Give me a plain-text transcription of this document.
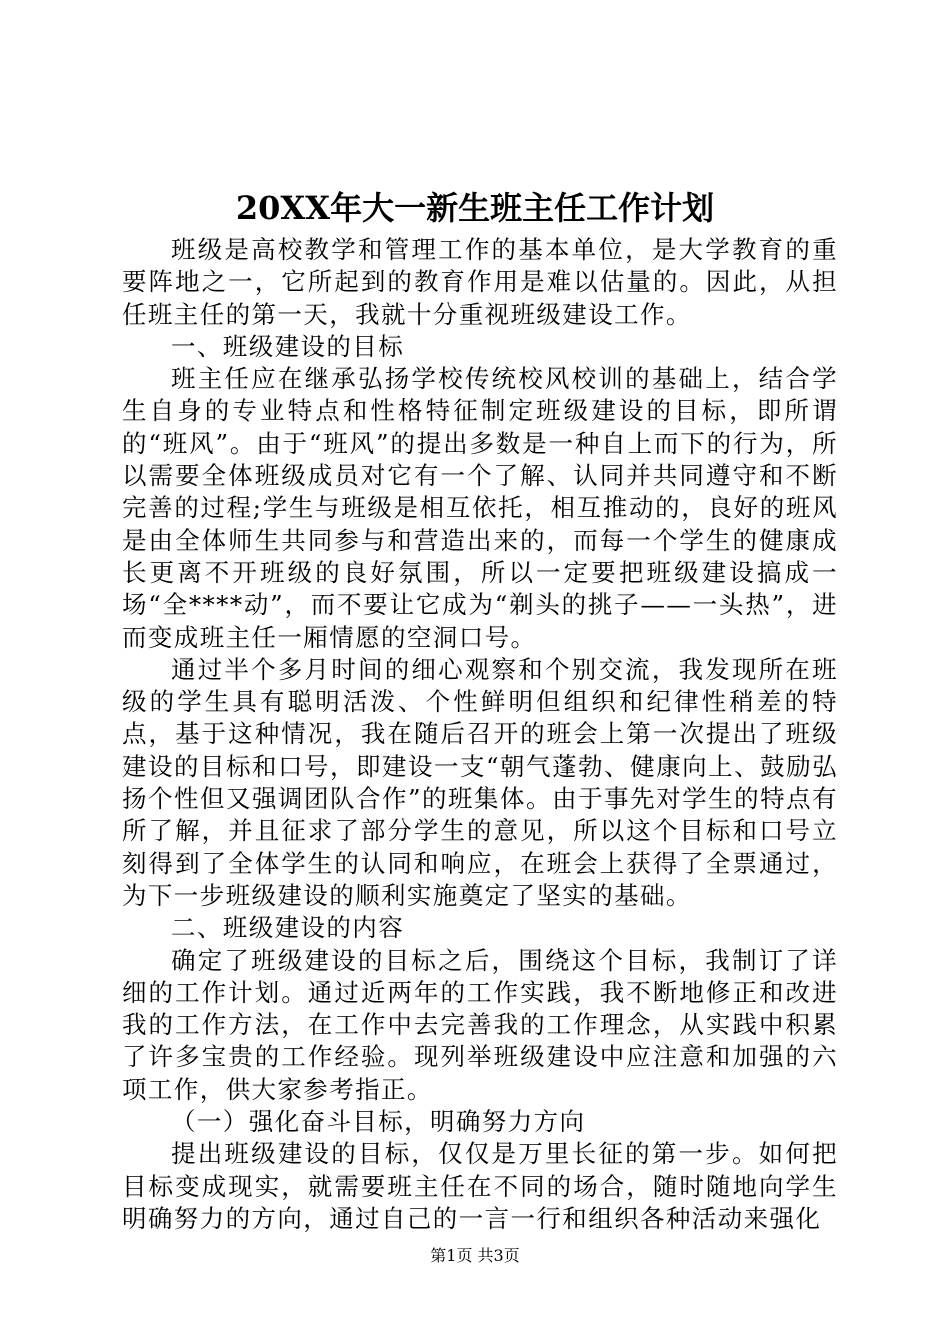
20XX年大一新生班主任工作计划

班级是高校教学和管理工作的基本单位，是大学教育的重要阵地之一，它所起到的教育作用是难以估量的。因此，从担任班主任的第一天，我就十分重视班级建设工作。

一、班级建设的目标

班主任应在继承弘扬学校传统校风校训的基础上，结合学生自身的专业特点和性格特征制定班级建设的目标，即所谓的“班风”。由于“班风”的提出多数是一种自上而下的行为，所以需要全体班级成员对它有一个了解、认同并共同遵守和不断完善的过程;学生与班级是相互依托，相互推动的，良好的班风是由全体师生共同参与和营造出来的，而每一个学生的健康成长更离不开班级的良好氛围，所以一定要把班级建设搞成一场“全****动”，而不要让它成为“剃头的挑子——一头热”，进而变成班主任一厢情愿的空洞口号。

通过半个多月时间的细心观察和个别交流，我发现所在班级的学生具有聪明活泼、个性鲜明但组织和纪律性稍差的特点，基于这种情况，我在随后召开的班会上第一次提出了班级建设的目标和口号，即建设一支“朝气蓬勃、健康向上、鼓励弘扬个性但又强调团队合作”的班集体。由于事先对学生的特点有所了解，并且征求了部分学生的意见，所以这个目标和口号立刻得到了全体学生的认同和响应，在班会上获得了全票通过，为下一步班级建设的顺利实施奠定了坚实的基础。

二、班级建设的内容

确定了班级建设的目标之后，围绕这个目标，我制订了详细的工作计划。通过近两年的工作实践，我不断地修正和改进我的工作方法，在工作中去完善我的工作理念，从实践中积累了许多宝贵的工作经验。现列举班级建设中应注意和加强的六项工作，供大家参考指正。

（一）强化奋斗目标，明确努力方向

提出班级建设的目标，仅仅是万里长征的第一步。如何把目标变成现实，就需要班主任在不同的场合，随时随地向学生明确努力的方向，通过自己的一言一行和组织各种活动来强化

第1页 共3页
